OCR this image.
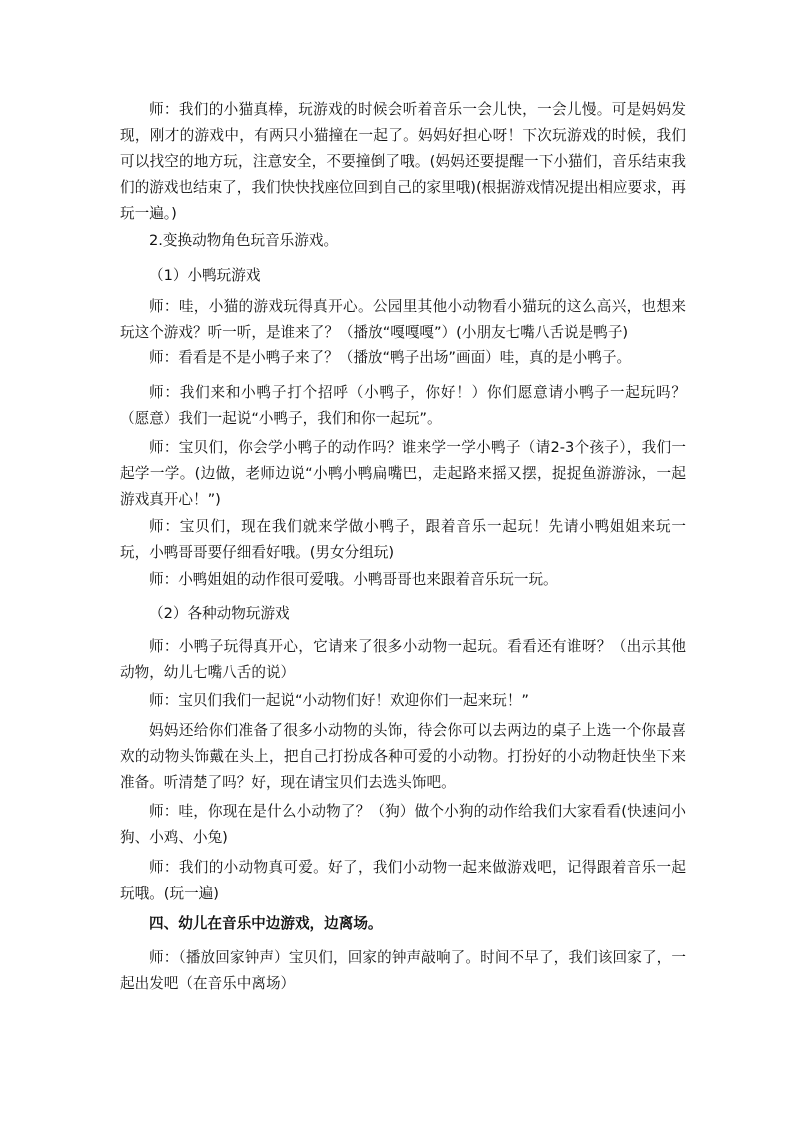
师：我们的小猫真棒，玩游戏的时候会听着音乐一会儿快，一会儿慢。可是妈妈发现，刚才的游戏中，有两只小猫撞在一起了。妈妈好担心呀！下次玩游戏的时候，我们可以找空的地方玩，注意安全，不要撞倒了哦。(妈妈还要提醒一下小猫们，音乐结束我们的游戏也结束了，我们快快找座位回到自己的家里哦)(根据游戏情况提出相应要求，再玩一遍。)

2.变换动物角色玩音乐游戏。

（1）小鸭玩游戏

师：哇，小猫的游戏玩得真开心。公园里其他小动物看小猫玩的这么高兴，也想来玩这个游戏？听一听，是谁来了？（播放“嘎嘎嘎”）(小朋友七嘴八舌说是鸭子)

师：看看是不是小鸭子来了？（播放“鸭子出场”画面）哇，真的是小鸭子。

师：我们来和小鸭子打个招呼（小鸭子，你好！）你们愿意请小鸭子一起玩吗？（愿意）我们一起说“小鸭子，我们和你一起玩”。

师：宝贝们，你会学小鸭子的动作吗？谁来学一学小鸭子（请2-3个孩子），我们一起学一学。(边做，老师边说“小鸭小鸭扁嘴巴，走起路来摇又摆，捉捉鱼游游泳，一起游戏真开心！”)

师：宝贝们，现在我们就来学做小鸭子，跟着音乐一起玩！先请小鸭姐姐来玩一玩，小鸭哥哥要仔细看好哦。(男女分组玩)

师：小鸭姐姐的动作很可爱哦。小鸭哥哥也来跟着音乐玩一玩。

（2）各种动物玩游戏

师：小鸭子玩得真开心，它请来了很多小动物一起玩。看看还有谁呀？（出示其他动物，幼儿七嘴八舌的说）

师：宝贝们我们一起说“小动物们好！欢迎你们一起来玩！”

妈妈还给你们准备了很多小动物的头饰，待会你可以去两边的桌子上选一个你最喜欢的动物头饰戴在头上，把自己打扮成各种可爱的小动物。打扮好的小动物赶快坐下来准备。听清楚了吗？好，现在请宝贝们去选头饰吧。

师：哇，你现在是什么小动物了？（狗）做个小狗的动作给我们大家看看(快速问小狗、小鸡、小兔)

师：我们的小动物真可爱。好了，我们小动物一起来做游戏吧，记得跟着音乐一起玩哦。(玩一遍)

四、幼儿在音乐中边游戏，边离场。

师：（播放回家钟声）宝贝们，回家的钟声敲响了。时间不早了，我们该回家了，一起出发吧（在音乐中离场）
